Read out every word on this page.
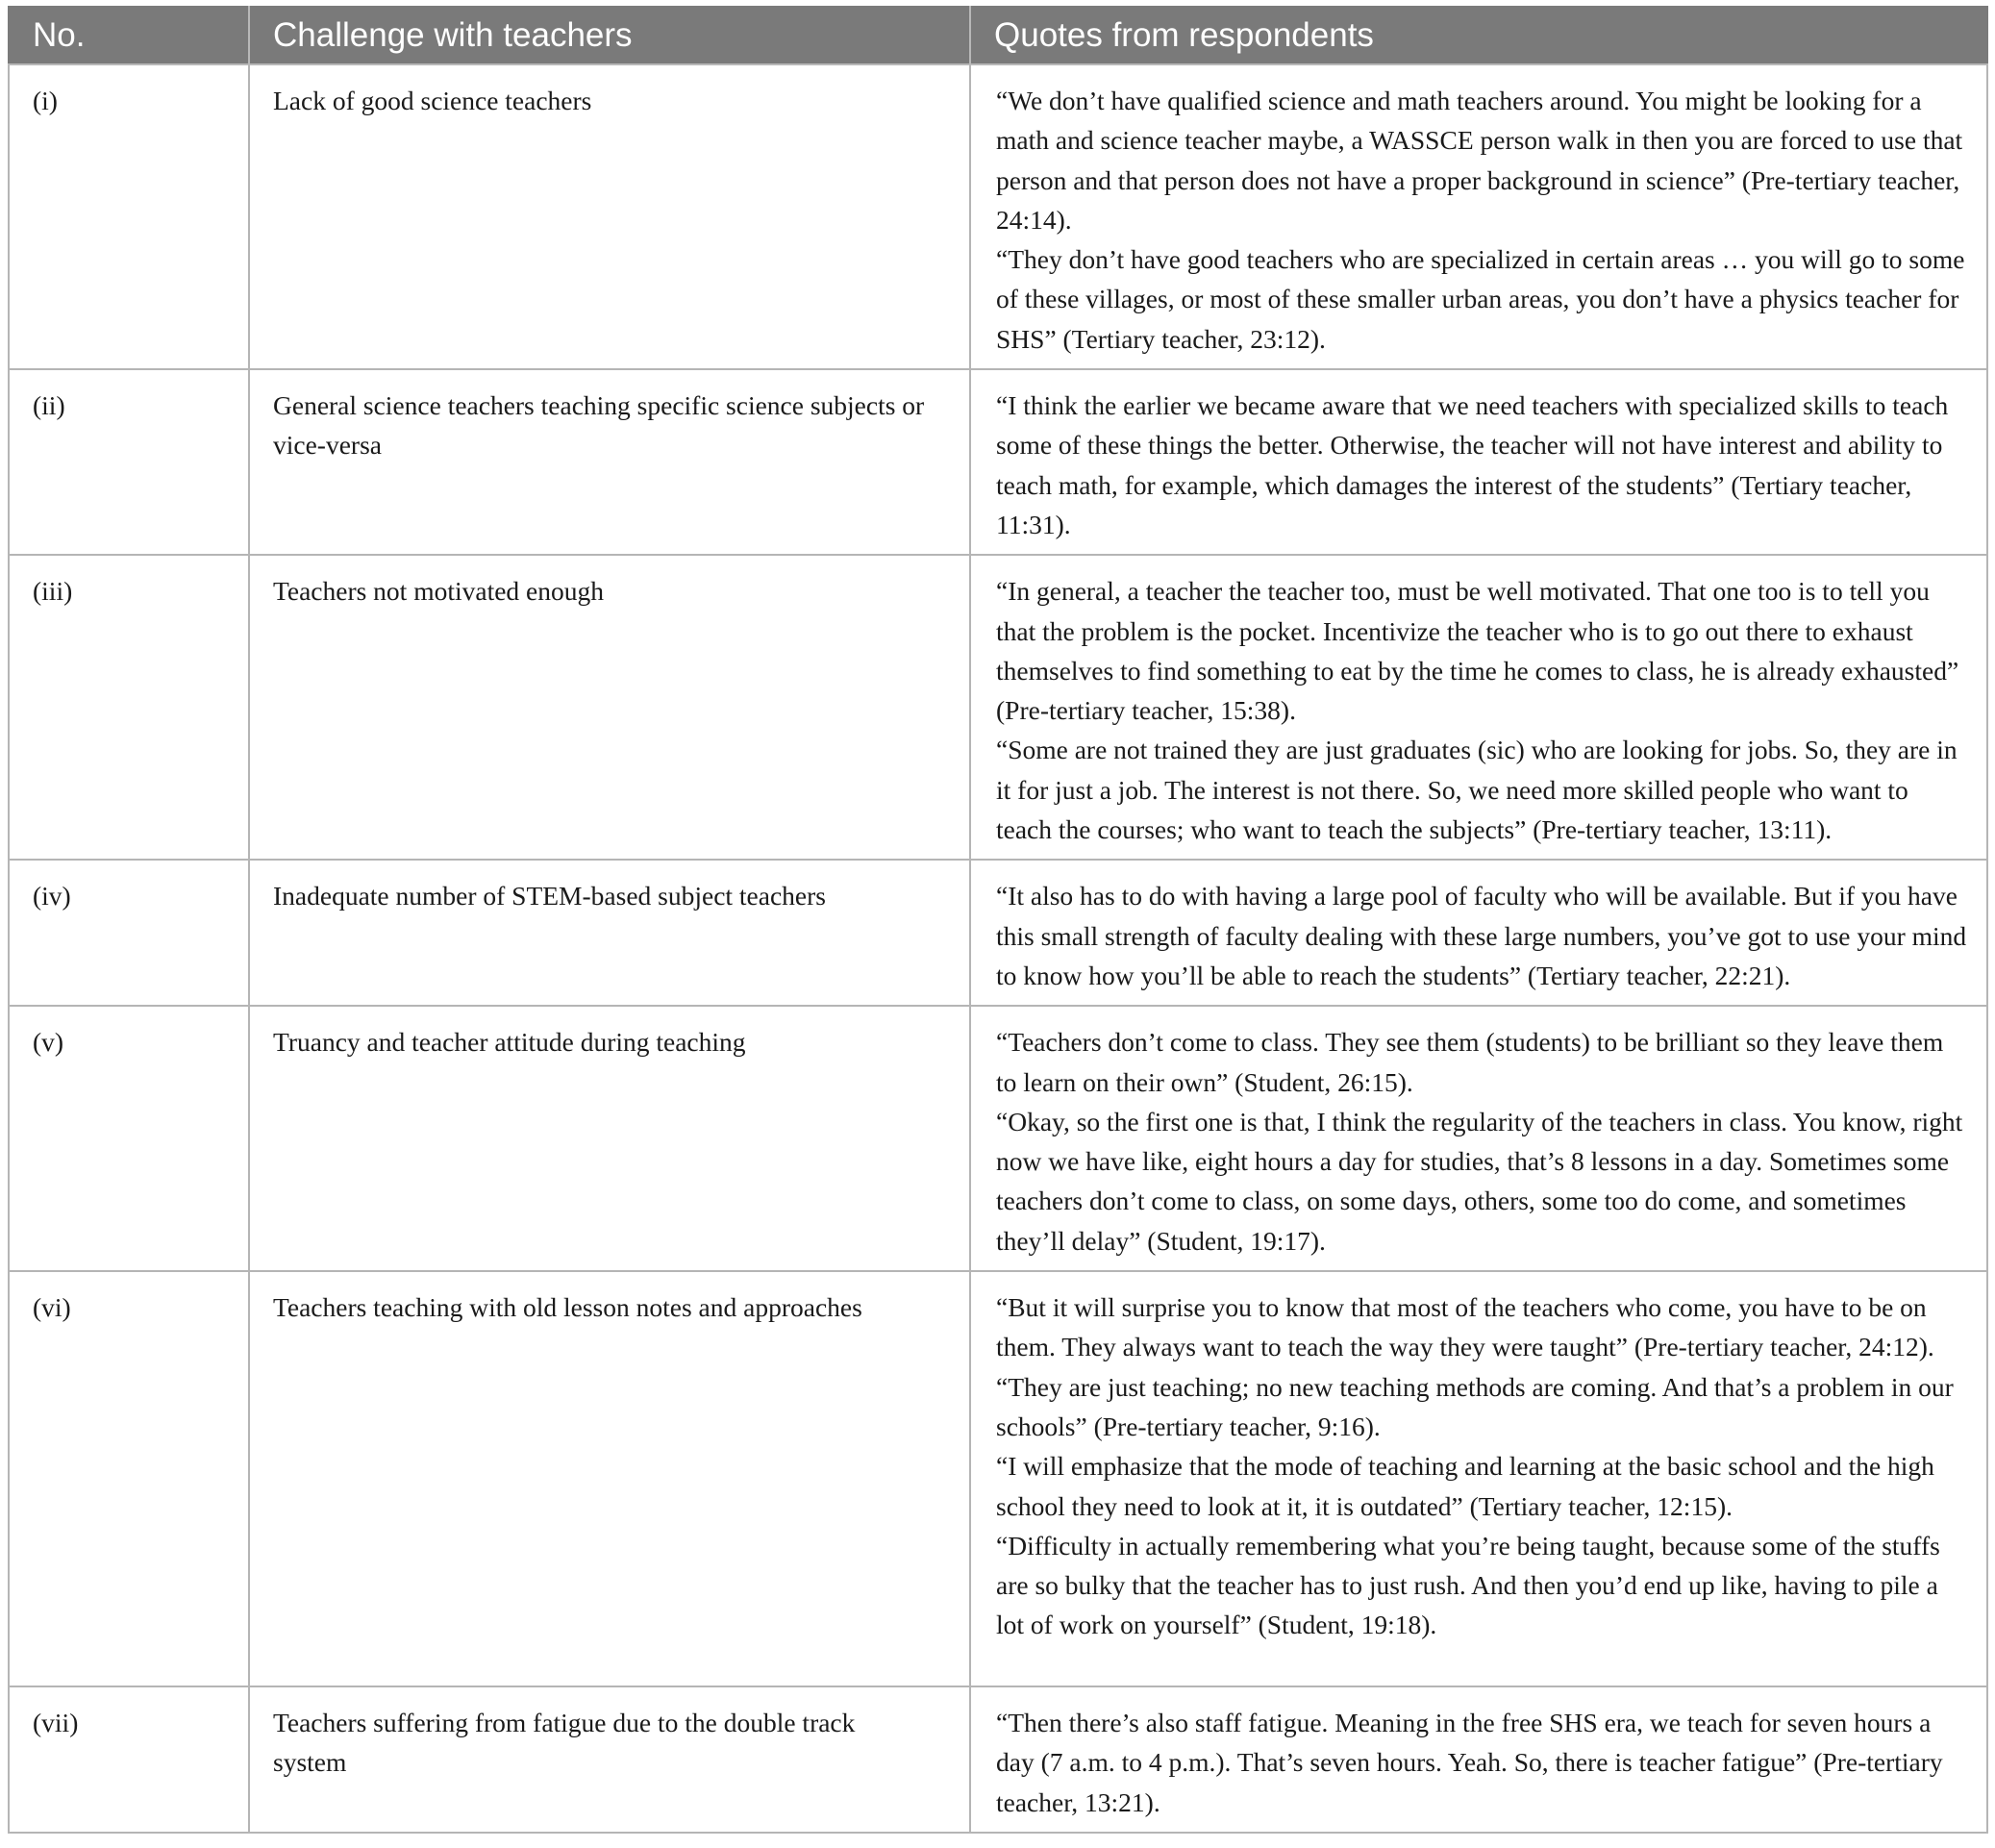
No.	Challenge with teachers	Quotes from respondents
(i)	Lack of good science teachers	“We don’t have qualified science and math teachers around. You might be looking for a math and science teacher maybe, a WASSCE person walk in then you are forced to use that person and that person does not have a proper background in science” (Pre-tertiary teacher, 24:14).
“They don’t have good teachers who are specialized in certain areas … you will go to some of these villages, or most of these smaller urban areas, you don’t have a physics teacher for SHS” (Tertiary teacher, 23:12).

(ii)	General science teachers teaching specific science subjects or vice-versa	“I think the earlier we became aware that we need teachers with specialized skills to teach some of these things the better. Otherwise, the teacher will not have interest and ability to teach math, for example, which damages the interest of the students” (Tertiary teacher, 11:31).

(iii)	Teachers not motivated enough	“In general, a teacher the teacher too, must be well motivated. That one too is to tell you that the problem is the pocket. Incentivize the teacher who is to go out there to exhaust themselves to find something to eat by the time he comes to class, he is already exhausted” (Pre-tertiary teacher, 15:38).
“Some are not trained they are just graduates (sic) who are looking for jobs. So, they are in it for just a job. The interest is not there. So, we need more skilled people who want to teach the courses; who want to teach the subjects” (Pre-tertiary teacher, 13:11).

(iv)	Inadequate number of STEM-based subject teachers	“It also has to do with having a large pool of faculty who will be available. But if you have this small strength of faculty dealing with these large numbers, you’ve got to use your mind to know how you’ll be able to reach the students” (Tertiary teacher, 22:21).

(v)	Truancy and teacher attitude during teaching	“Teachers don’t come to class. They see them (students) to be brilliant so they leave them to learn on their own” (Student, 26:15).
“Okay, so the first one is that, I think the regularity of the teachers in class. You know, right now we have like, eight hours a day for studies, that’s 8 lessons in a day. Sometimes some teachers don’t come to class, on some days, others, some too do come, and sometimes they’ll delay” (Student, 19:17).

(vi)	Teachers teaching with old lesson notes and approaches	“But it will surprise you to know that most of the teachers who come, you have to be on them. They always want to teach the way they were taught” (Pre-tertiary teacher, 24:12).
“They are just teaching; no new teaching methods are coming. And that’s a problem in our schools” (Pre-tertiary teacher, 9:16).
“I will emphasize that the mode of teaching and learning at the basic school and the high school they need to look at it, it is outdated” (Tertiary teacher, 12:15).
“Difficulty in actually remembering what you’re being taught, because some of the stuffs are so bulky that the teacher has to just rush. And then you’d end up like, having to pile a lot of work on yourself” (Student, 19:18).

(vii)	Teachers suffering from fatigue due to the double track system	“Then there’s also staff fatigue. Meaning in the free SHS era, we teach for seven hours a day (7 a.m. to 4 p.m.). That’s seven hours. Yeah. So, there is teacher fatigue” (Pre-tertiary teacher, 13:21).
